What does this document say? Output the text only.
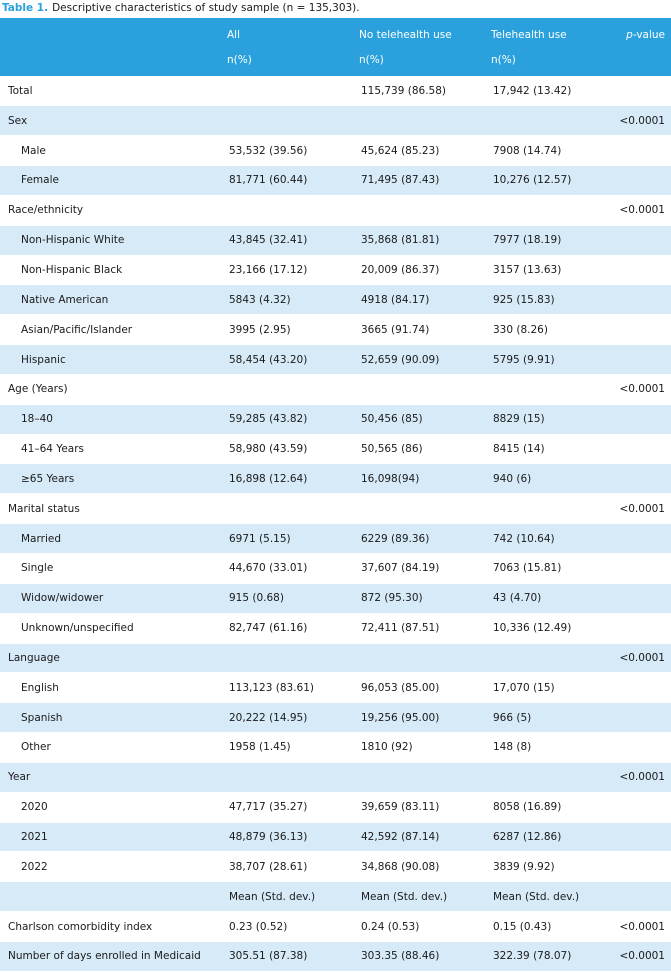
Table 1. Descriptive characteristics of study sample (n = 135,303).
	All	No telehealth use	Telehealth use	p-value
	n(%)	n(%)	n(%)	
Total		115,739 (86.58)	17,942 (13.42)	
Sex				<0.0001
Male	53,532 (39.56)	45,624 (85.23)	7908 (14.74)	
Female	81,771 (60.44)	71,495 (87.43)	10,276 (12.57)	
Race/ethnicity				<0.0001
Non-Hispanic White	43,845 (32.41)	35,868 (81.81)	7977 (18.19)	
Non-Hispanic Black	23,166 (17.12)	20,009 (86.37)	3157 (13.63)	
Native American	5843 (4.32)	4918 (84.17)	925 (15.83)	
Asian/Pacific/Islander	3995 (2.95)	3665 (91.74)	330 (8.26)	
Hispanic	58,454 (43.20)	52,659 (90.09)	5795 (9.91)	
Age (Years)				<0.0001
18–40	59,285 (43.82)	50,456 (85)	8829 (15)	
41–64 Years	58,980 (43.59)	50,565 (86)	8415 (14)	
≥65 Years	16,898 (12.64)	16,098(94)	940 (6)	
Marital status				<0.0001
Married	6971 (5.15)	6229 (89.36)	742 (10.64)	
Single	44,670 (33.01)	37,607 (84.19)	7063 (15.81)	
Widow/widower	915 (0.68)	872 (95.30)	43 (4.70)	
Unknown/unspecified	82,747 (61.16)	72,411 (87.51)	10,336 (12.49)	
Language				<0.0001
English	113,123 (83.61)	96,053 (85.00)	17,070 (15)	
Spanish	20,222 (14.95)	19,256 (95.00)	966 (5)	
Other	1958 (1.45)	1810 (92)	148 (8)	
Year				<0.0001
2020	47,717 (35.27)	39,659 (83.11)	8058 (16.89)	
2021	48,879 (36.13)	42,592 (87.14)	6287 (12.86)	
2022	38,707 (28.61)	34,868 (90.08)	3839 (9.92)	
	Mean (Std. dev.)	Mean (Std. dev.)	Mean (Std. dev.)	
Charlson comorbidity index	0.23 (0.52)	0.24 (0.53)	0.15 (0.43)	<0.0001
Number of days enrolled in Medicaid	305.51 (87.38)	303.35 (88.46)	322.39 (78.07)	<0.0001
